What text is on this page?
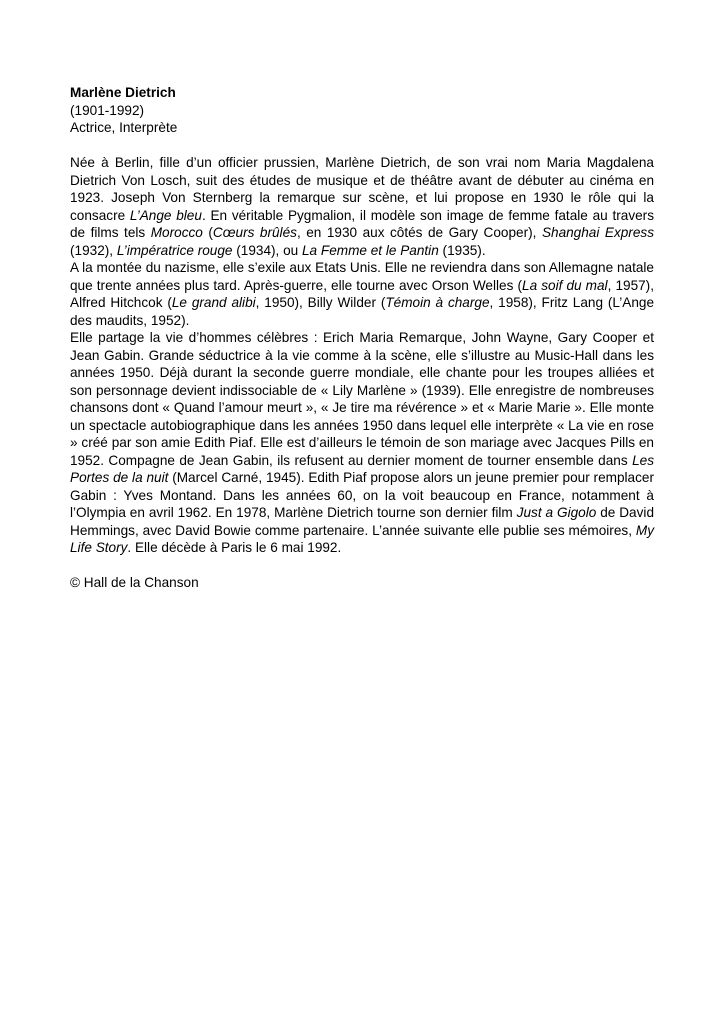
Marlène Dietrich
(1901-1992)
Actrice, Interprète

Née à Berlin, fille d’un officier prussien, Marlène Dietrich, de son vrai nom Maria Magdalena Dietrich Von Losch, suit des études de musique et de théâtre avant de débuter au cinéma en 1923. Joseph Von Sternberg la remarque sur scène, et lui propose en 1930 le rôle qui la consacre L’Ange bleu. En véritable Pygmalion, il modèle son image de femme fatale au travers de films tels Morocco (Cœurs brûlés, en 1930 aux côtés de Gary Cooper), Shanghai Express (1932), L’impératrice rouge (1934), ou La Femme et le Pantin (1935).

A la montée du nazisme, elle s’exile aux Etats Unis. Elle ne reviendra dans son Allemagne natale que trente années plus tard. Après-guerre, elle tourne avec Orson Welles (La soif du mal, 1957), Alfred Hitchcok (Le grand alibi, 1950), Billy Wilder (Témoin à charge, 1958), Fritz Lang (L’Ange des maudits, 1952).

Elle partage la vie d’hommes célèbres : Erich Maria Remarque, John Wayne, Gary Cooper et Jean Gabin. Grande séductrice à la vie comme à la scène, elle s’illustre au Music-Hall dans les années 1950. Déjà durant la seconde guerre mondiale, elle chante pour les troupes alliées et son personnage devient indissociable de « Lily Marlène » (1939). Elle enregistre de nombreuses chansons dont « Quand l’amour meurt », « Je tire ma révérence » et « Marie Marie ». Elle monte un spectacle autobiographique dans les années 1950 dans lequel elle interprète « La vie en rose » créé par son amie Edith Piaf. Elle est d’ailleurs le témoin de son mariage avec Jacques Pills en 1952. Compagne de Jean Gabin, ils refusent au dernier moment de tourner ensemble dans Les Portes de la nuit (Marcel Carné, 1945). Edith Piaf propose alors un jeune premier pour remplacer Gabin : Yves Montand. Dans les années 60, on la voit beaucoup en France, notamment à l’Olympia en avril 1962. En 1978, Marlène Dietrich tourne son dernier film Just a Gigolo de David Hemmings, avec David Bowie comme partenaire. L’année suivante elle publie ses mémoires, My Life Story. Elle décède à Paris le 6 mai 1992.

© Hall de la Chanson
